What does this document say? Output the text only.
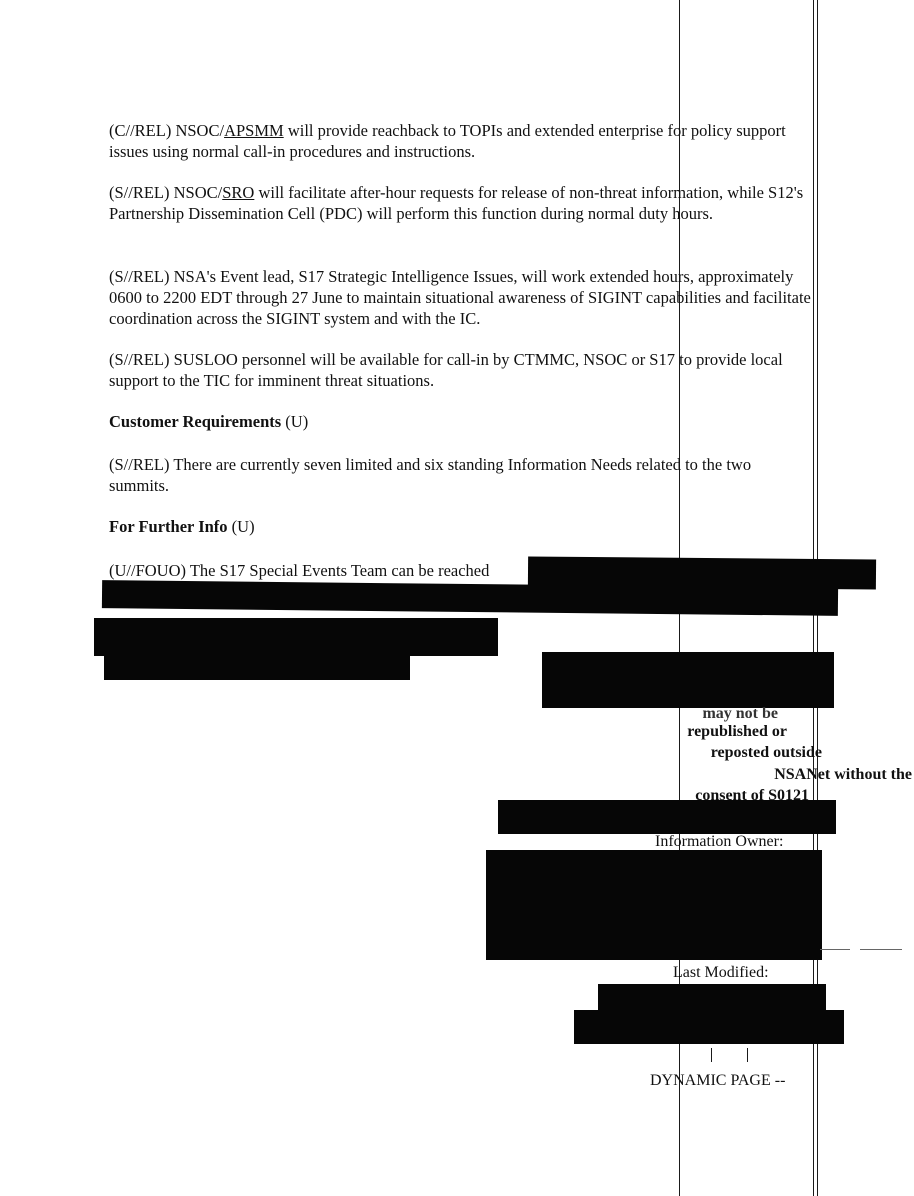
(C//REL) NSOC/APSMM will provide reachback to TOPIs and extended enterprise for policy support issues using normal call-in procedures and instructions.

(S//REL) NSOC/SRO will facilitate after-hour requests for release of non-threat information, while S12's Partnership Dissemination Cell (PDC) will perform this function during normal duty hours.

(S//REL) NSA's Event lead, S17 Strategic Intelligence Issues, will work extended hours, approximately 0600 to 2200 EDT through 27 June to maintain situational awareness of SIGINT capabilities and facilitate coordination across the SIGINT system and with the IC.

(S//REL) SUSLOO personnel will be available for call-in by CTMMC, NSOC or S17 to provide local support to the TIC for imminent threat situations.

Customer Requirements (U)

(S//REL) There are currently seven limited and six standing Information Needs related to the two summits.

For Further Info (U)

(U//FOUO) The S17 Special Events Team can be reached

may not be
republished or
reposted outside
NSANet without the
consent of S0121
Information Owner:
Last Modified:
DYNAMIC PAGE --
